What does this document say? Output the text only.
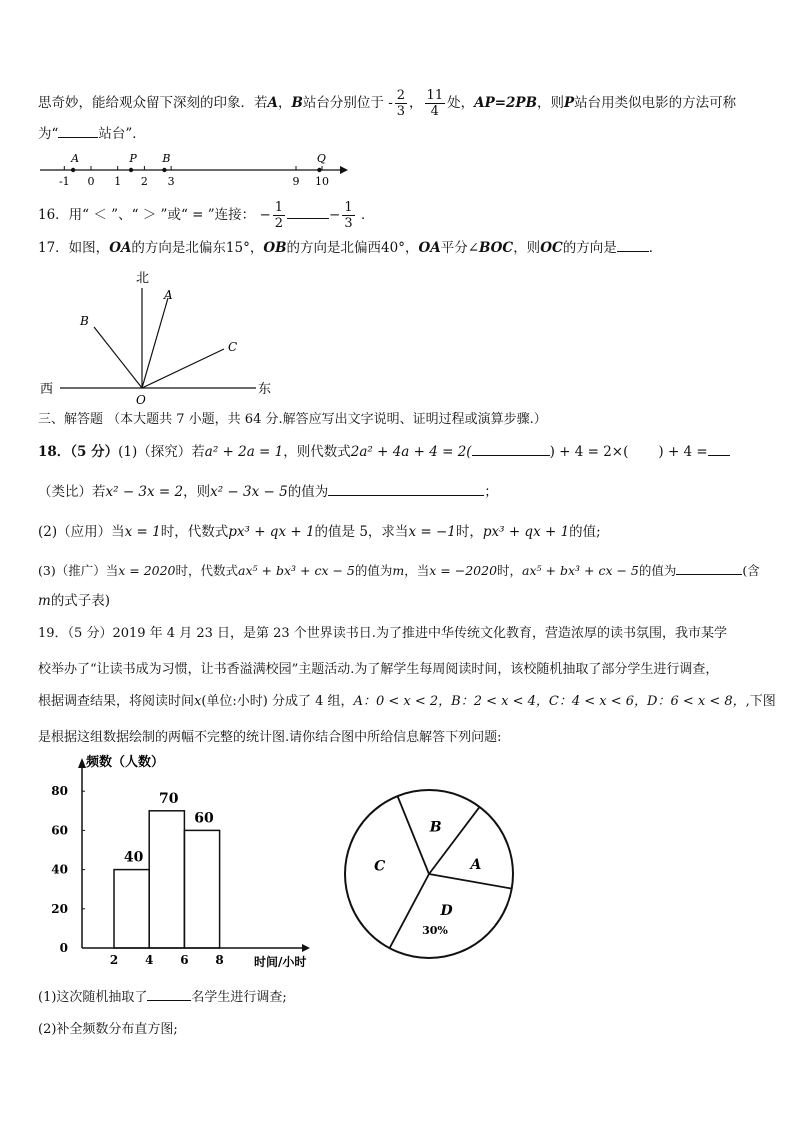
思奇妙，能给观众留下深刻的印象．若A，B站台分别位于 - $\frac{2}{3}$ ， $\frac{11}{4}$ 处，AP=2PB，则P站台用类似电影的方法可称
为“	站台”．
-1 0 1 2 3	9 10
A	P B	Q
16．用“ ＜ ”、“ ＞ ”或“ = ”连接： − $\frac{1}{2}$	− $\frac{1}{3}$ ．
17．如图，OA的方向是北偏东15°，OB的方向是北偏西40°，OA平分∠BOC，则OC的方向是 ．
北
A
B
C
西	东
O
三、解答题 （本大题共 7 小题，共 64 分.解答应写出文字说明、证明过程或演算步骤.）
18．（5 分）(1)（探究）若a² + 2a = 1，则代数式2a² + 4a + 4 = 2(	) + 4 = 2×( ) + 4 =
（类比）若x² − 3x = 2，则x² − 3x − 5的值为	；
(2)（应用）当x = 1时，代数式px³ + qx + 1的值是 5，求当x = −1时，px³ + qx + 1的值;
(3)（推广）当x = 2020时，代数式ax⁵ + bx³ + cx − 5的值为m，当x = −2020时，ax⁵ + bx³ + cx − 5的值为	(含
m的式子表)
19．（5 分）2019 年 4 月 23 日，是第 23 个世界读书日.为了推进中华传统文化教育，营造浓厚的读书氛围，我市某学
校举办了“让读书成为习惯，让书香溢满校园”主题活动.为了解学生每周阅读时间，该校随机抽取了部分学生进行调查，
根据调查结果，将阅读时间x(单位:小时) 分成了 4 组，A：0 < x < 2，B：2 < x < 4，C：4 < x < 6，D：6 < x < 8，,下图
是根据这组数据绘制的两幅不完整的统计图.请你结合图中所给信息解答下列问题:
频数（人数）
时间/小时
0
20
40
60
80
2 4 6 8
40
70
60
B
A
D
C
30%
(1)这次随机抽取了	名学生进行调查;
(2)补全频数分布直方图;
